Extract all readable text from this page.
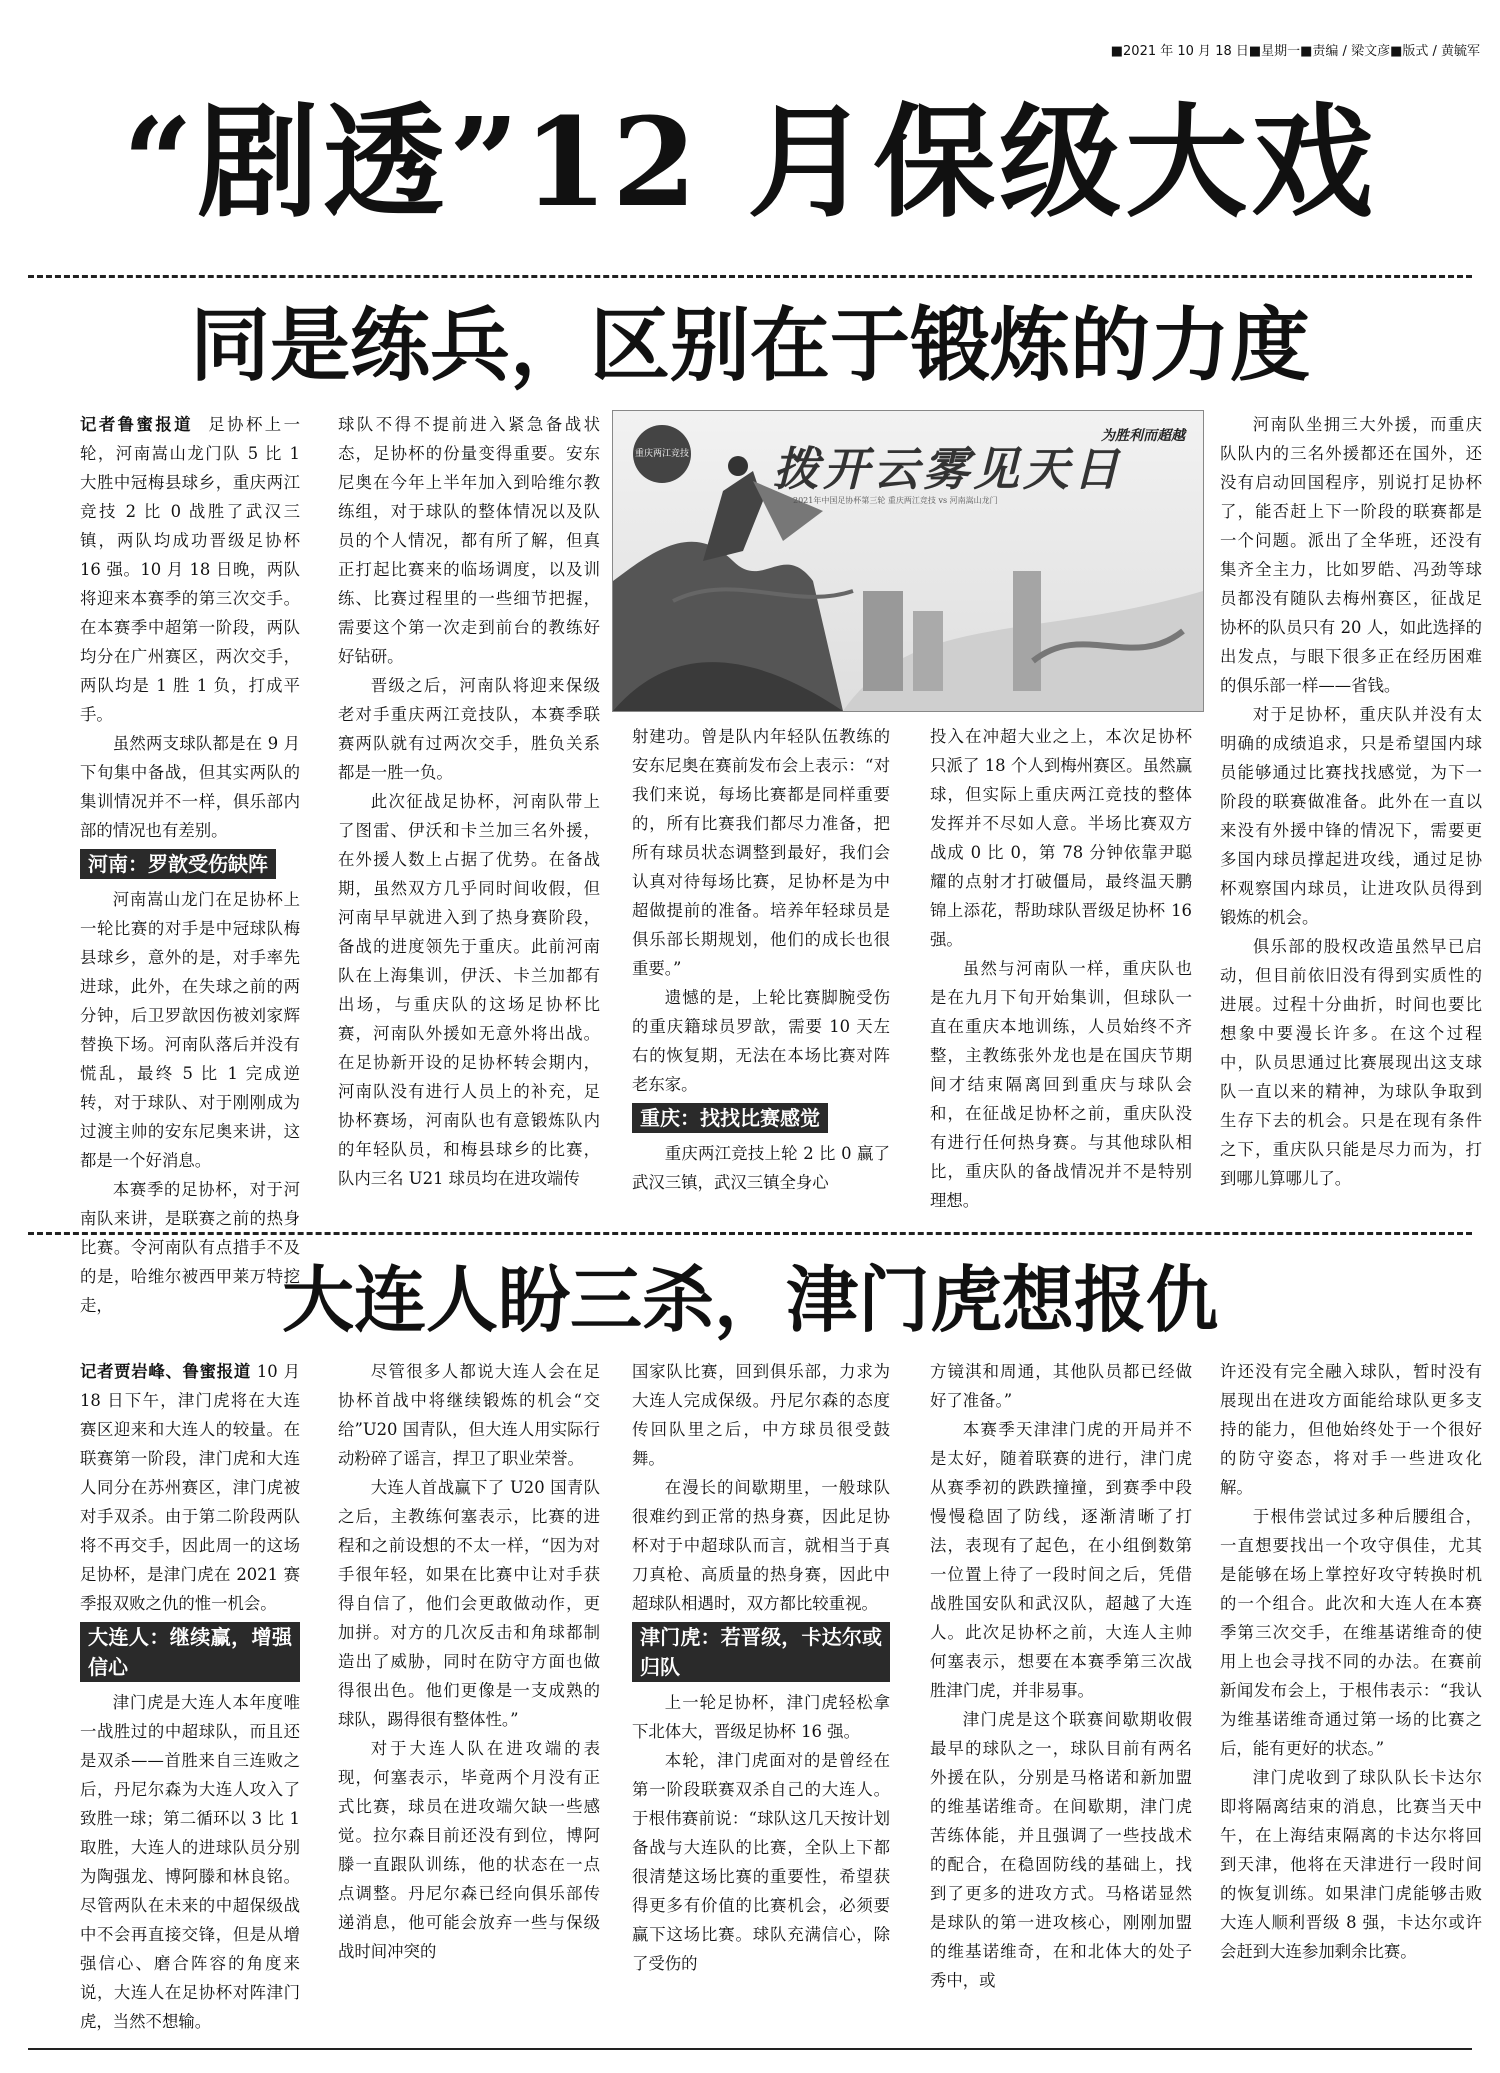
■2021 年 10 月 18 日■星期一■责编 / 梁文彦■版式 / 黄毓军
“剧透”12 月保级大戏
同是练兵，区别在于锻炼的力度

记者鲁蜜报道 足协杯上一轮，河南嵩山龙门队 5 比 1 大胜中冠梅县球乡，重庆两江竞技 2 比 0 战胜了武汉三镇，两队均成功晋级足协杯 16 强。10 月 18 日晚，两队将迎来本赛季的第三次交手。在本赛季中超第一阶段，两队均分在广州赛区，两次交手，两队均是 1 胜 1 负，打成平手。

虽然两支球队都是在 9 月下旬集中备战，但其实两队的集训情况并不一样，俱乐部内部的情况也有差别。

河南：罗歆受伤缺阵

河南嵩山龙门在足协杯上一轮比赛的对手是中冠球队梅县球乡，意外的是，对手率先进球，此外，在失球之前的两分钟，后卫罗歆因伤被刘家辉替换下场。河南队落后并没有慌乱，最终 5 比 1 完成逆转，对于球队、对于刚刚成为过渡主帅的安东尼奥来讲，这都是一个好消息。

本赛季的足协杯，对于河南队来讲，是联赛之前的热身比赛。令河南队有点措手不及的是，哈维尔被西甲莱万特挖走，

球队不得不提前进入紧急备战状态，足协杯的份量变得重要。安东尼奥在今年上半年加入到哈维尔教练组，对于球队的整体情况以及队员的个人情况，都有所了解，但真正打起比赛来的临场调度，以及训练、比赛过程里的一些细节把握，需要这个第一次走到前台的教练好好钻研。

晋级之后，河南队将迎来保级老对手重庆两江竞技队，本赛季联赛两队就有过两次交手，胜负关系都是一胜一负。

此次征战足协杯，河南队带上了图雷、伊沃和卡兰加三名外援，在外援人数上占据了优势。在备战期，虽然双方几乎同时间收假，但河南早早就进入到了热身赛阶段，备战的进度领先于重庆。此前河南队在上海集训，伊沃、卡兰加都有出场，与重庆队的这场足协杯比赛，河南队外援如无意外将出战。在足协新开设的足协杯转会期内，河南队没有进行人员上的补充，足协杯赛场，河南队也有意锻炼队内的年轻队员，和梅县球乡的比赛，队内三名 U21 球员均在进攻端传

重庆两江竞技 拨开云雾见天日
为胜利而超越
2021年中国足协杯第三轮 重庆两江竞技 vs 河南嵩山龙门

射建功。曾是队内年轻队伍教练的安东尼奥在赛前发布会上表示：“对我们来说，每场比赛都是同样重要的，所有比赛我们都尽力准备，把所有球员状态调整到最好，我们会认真对待每场比赛，足协杯是为中超做提前的准备。培养年轻球员是俱乐部长期规划，他们的成长也很重要。”

遗憾的是，上轮比赛脚腕受伤的重庆籍球员罗歆，需要 10 天左右的恢复期，无法在本场比赛对阵老东家。

重庆：找找比赛感觉

重庆两江竞技上轮 2 比 0 赢了武汉三镇，武汉三镇全身心

投入在冲超大业之上，本次足协杯只派了 18 个人到梅州赛区。虽然赢球，但实际上重庆两江竞技的整体发挥并不尽如人意。半场比赛双方战成 0 比 0，第 78 分钟依靠尹聪耀的点射才打破僵局，最终温天鹏锦上添花，帮助球队晋级足协杯 16 强。

虽然与河南队一样，重庆队也是在九月下旬开始集训，但球队一直在重庆本地训练，人员始终不齐整，主教练张外龙也是在国庆节期间才结束隔离回到重庆与球队会和，在征战足协杯之前，重庆队没有进行任何热身赛。与其他球队相比，重庆队的备战情况并不是特别理想。

河南队坐拥三大外援，而重庆队队内的三名外援都还在国外，还没有启动回国程序，别说打足协杯了，能否赶上下一阶段的联赛都是一个问题。派出了全华班，还没有集齐全主力，比如罗皓、冯劲等球员都没有随队去梅州赛区，征战足协杯的队员只有 20 人，如此选择的出发点，与眼下很多正在经历困难的俱乐部一样——省钱。

对于足协杯，重庆队并没有太明确的成绩追求，只是希望国内球员能够通过比赛找找感觉，为下一阶段的联赛做准备。此外在一直以来没有外援中锋的情况下，需要更多国内球员撑起进攻线，通过足协杯观察国内球员，让进攻队员得到锻炼的机会。

俱乐部的股权改造虽然早已启动，但目前依旧没有得到实质性的进展。过程十分曲折，时间也要比想象中要漫长许多。在这个过程中，队员思通过比赛展现出这支球队一直以来的精神，为球队争取到生存下去的机会。只是在现有条件之下，重庆队只能是尽力而为，打到哪儿算哪儿了。

大连人盼三杀，津门虎想报仇

记者贾岩峰、鲁蜜报道 10 月 18 日下午，津门虎将在大连赛区迎来和大连人的较量。在联赛第一阶段，津门虎和大连人同分在苏州赛区，津门虎被对手双杀。由于第二阶段两队将不再交手，因此周一的这场足协杯，是津门虎在 2021 赛季报双败之仇的惟一机会。

大连人：继续赢，增强信心

津门虎是大连人本年度唯一战胜过的中超球队，而且还是双杀——首胜来自三连败之后，丹尼尔森为大连人攻入了致胜一球；第二循环以 3 比 1 取胜，大连人的进球队员分别为陶强龙、博阿滕和林良铭。尽管两队在未来的中超保级战中不会再直接交锋，但是从增强信心、磨合阵容的角度来说，大连人在足协杯对阵津门虎，当然不想输。

尽管很多人都说大连人会在足协杯首战中将继续锻炼的机会“交给”U20 国青队，但大连人用实际行动粉碎了谣言，捍卫了职业荣誉。

大连人首战赢下了 U20 国青队之后，主教练何塞表示，比赛的进程和之前设想的不太一样，“因为对手很年轻，如果在比赛中让对手获得自信了，他们会更敢做动作，更加拼。对方的几次反击和角球都制造出了威胁，同时在防守方面也做得很出色。他们更像是一支成熟的球队，踢得很有整体性。”

对于大连人队在进攻端的表现，何塞表示，毕竟两个月没有正式比赛，球员在进攻端欠缺一些感觉。拉尔森目前还没有到位，博阿滕一直跟队训练，他的状态在一点点调整。丹尼尔森已经向俱乐部传递消息，他可能会放弃一些与保级战时间冲突的

国家队比赛，回到俱乐部，力求为大连人完成保级。丹尼尔森的态度传回队里之后，中方球员很受鼓舞。

在漫长的间歇期里，一般球队很难约到正常的热身赛，因此足协杯对于中超球队而言，就相当于真刀真枪、高质量的热身赛，因此中超球队相遇时，双方都比较重视。

津门虎：若晋级，卡达尔或归队

上一轮足协杯，津门虎轻松拿下北体大，晋级足协杯 16 强。

本轮，津门虎面对的是曾经在第一阶段联赛双杀自己的大连人。于根伟赛前说：“球队这几天按计划备战与大连队的比赛，全队上下都很清楚这场比赛的重要性，希望获得更多有价值的比赛机会，必须要赢下这场比赛。球队充满信心，除了受伤的

方镜淇和周通，其他队员都已经做好了准备。”

本赛季天津津门虎的开局并不是太好，随着联赛的进行，津门虎从赛季初的跌跌撞撞，到赛季中段慢慢稳固了防线，逐渐清晰了打法，表现有了起色，在小组倒数第一位置上待了一段时间之后，凭借战胜国安队和武汉队，超越了大连人。此次足协杯之前，大连人主帅何塞表示，想要在本赛季第三次战胜津门虎，并非易事。

津门虎是这个联赛间歇期收假最早的球队之一，球队目前有两名外援在队，分别是马格诺和新加盟的维基诺维奇。在间歇期，津门虎苦练体能，并且强调了一些技战术的配合，在稳固防线的基础上，找到了更多的进攻方式。马格诺显然是球队的第一进攻核心，刚刚加盟的维基诺维奇，在和北体大的处子秀中，或

许还没有完全融入球队，暂时没有展现出在进攻方面能给球队更多支持的能力，但他始终处于一个很好的防守姿态，将对手一些进攻化解。

于根伟尝试过多种后腰组合，一直想要找出一个攻守俱佳，尤其是能够在场上掌控好攻守转换时机的一个组合。此次和大连人在本赛季第三次交手，在维基诺维奇的使用上也会寻找不同的办法。在赛前新闻发布会上，于根伟表示：“我认为维基诺维奇通过第一场的比赛之后，能有更好的状态。”

津门虎收到了球队队长卡达尔即将隔离结束的消息，比赛当天中午，在上海结束隔离的卡达尔将回到天津，他将在天津进行一段时间的恢复训练。如果津门虎能够击败大连人顺利晋级 8 强，卡达尔或许会赶到大连参加剩余比赛。
